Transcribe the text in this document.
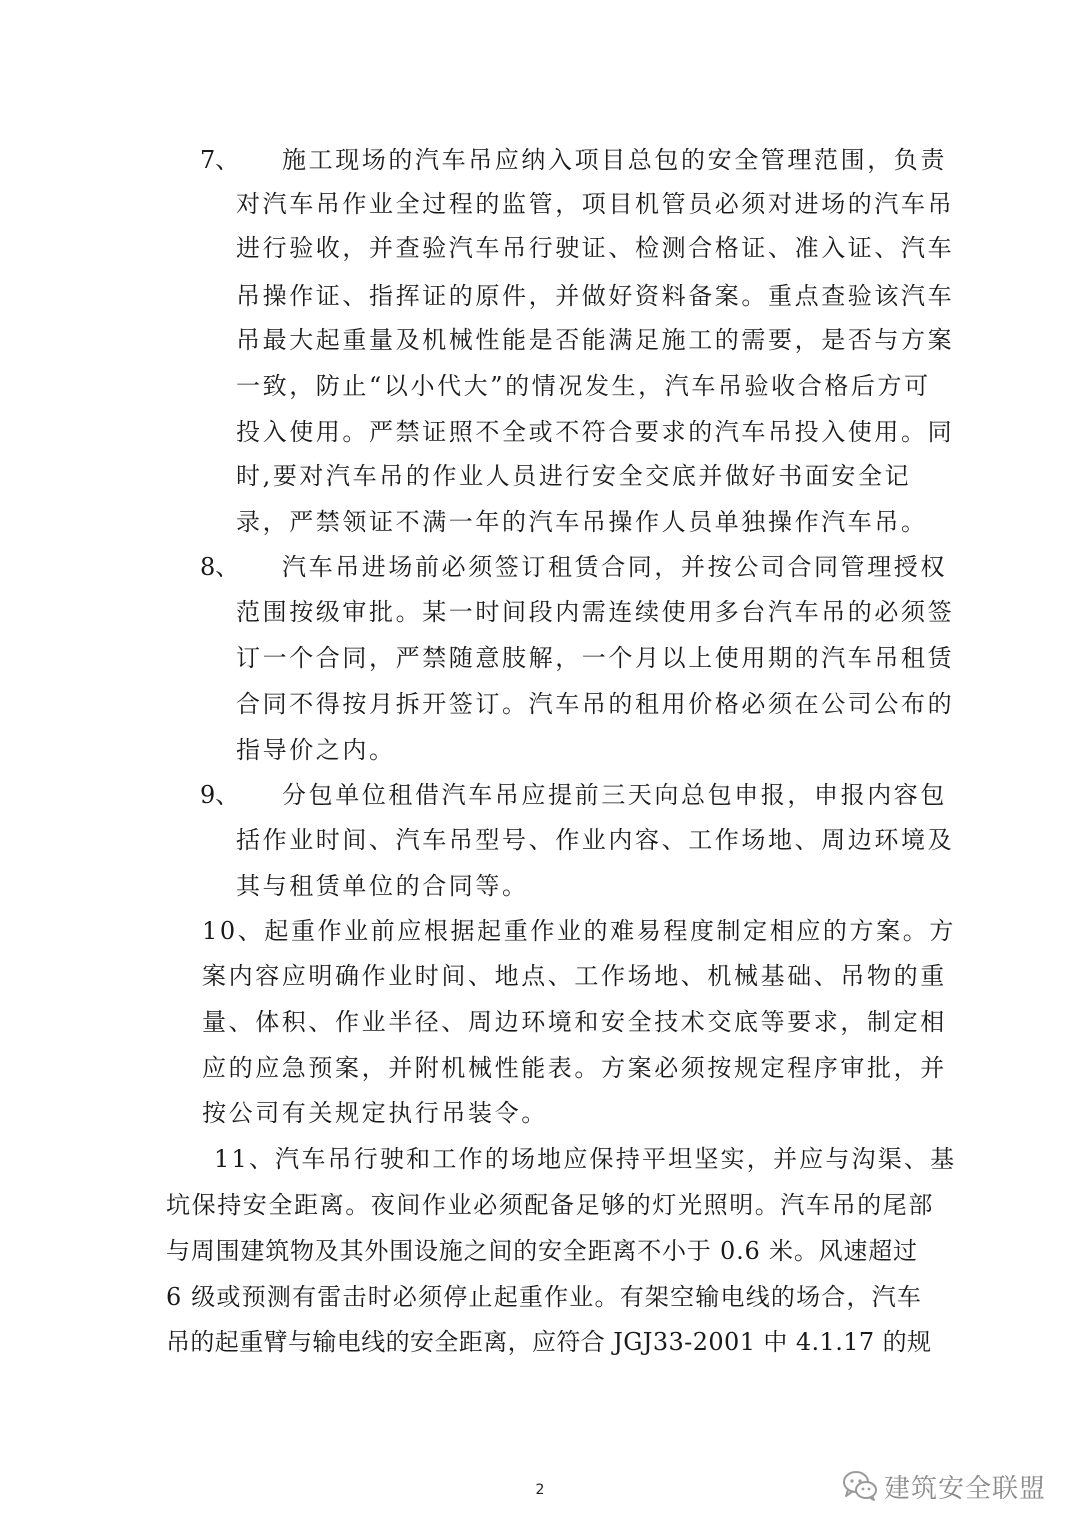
7、 施工现场的汽车吊应纳入项目总包的安全管理范围，负责
对汽车吊作业全过程的监管，项目机管员必须对进场的汽车吊
进行验收，并查验汽车吊行驶证、检测合格证、准入证、汽车
吊操作证、指挥证的原件，并做好资料备案。重点查验该汽车
吊最大起重量及机械性能是否能满足施工的需要，是否与方案
一致，防止“以小代大”的情况发生，汽车吊验收合格后方可
投入使用。严禁证照不全或不符合要求的汽车吊投入使用。同
时,要对汽车吊的作业人员进行安全交底并做好书面安全记
录，严禁领证不满一年的汽车吊操作人员单独操作汽车吊。
8、 汽车吊进场前必须签订租赁合同，并按公司合同管理授权
范围按级审批。某一时间段内需连续使用多台汽车吊的必须签
订一个合同，严禁随意肢解，一个月以上使用期的汽车吊租赁
合同不得按月拆开签订。汽车吊的租用价格必须在公司公布的
指导价之内。
9、 分包单位租借汽车吊应提前三天向总包申报，申报内容包
括作业时间、汽车吊型号、作业内容、工作场地、周边环境及
其与租赁单位的合同等。
10、起重作业前应根据起重作业的难易程度制定相应的方案。方
案内容应明确作业时间、地点、工作场地、机械基础、吊物的重
量、体积、作业半径、周边环境和安全技术交底等要求，制定相
应的应急预案，并附机械性能表。方案必须按规定程序审批，并
按公司有关规定执行吊装令。
11、汽车吊行驶和工作的场地应保持平坦坚实，并应与沟渠、基
坑保持安全距离。夜间作业必须配备足够的灯光照明。汽车吊的尾部
与周围建筑物及其外围设施之间的安全距离不小于 0.6 米。风速超过
6 级或预测有雷击时必须停止起重作业。有架空输电线的场合，汽车
吊的起重臂与输电线的安全距离，应符合 JGJ33-2001 中 4.1.17 的规
2	建筑安全联盟
